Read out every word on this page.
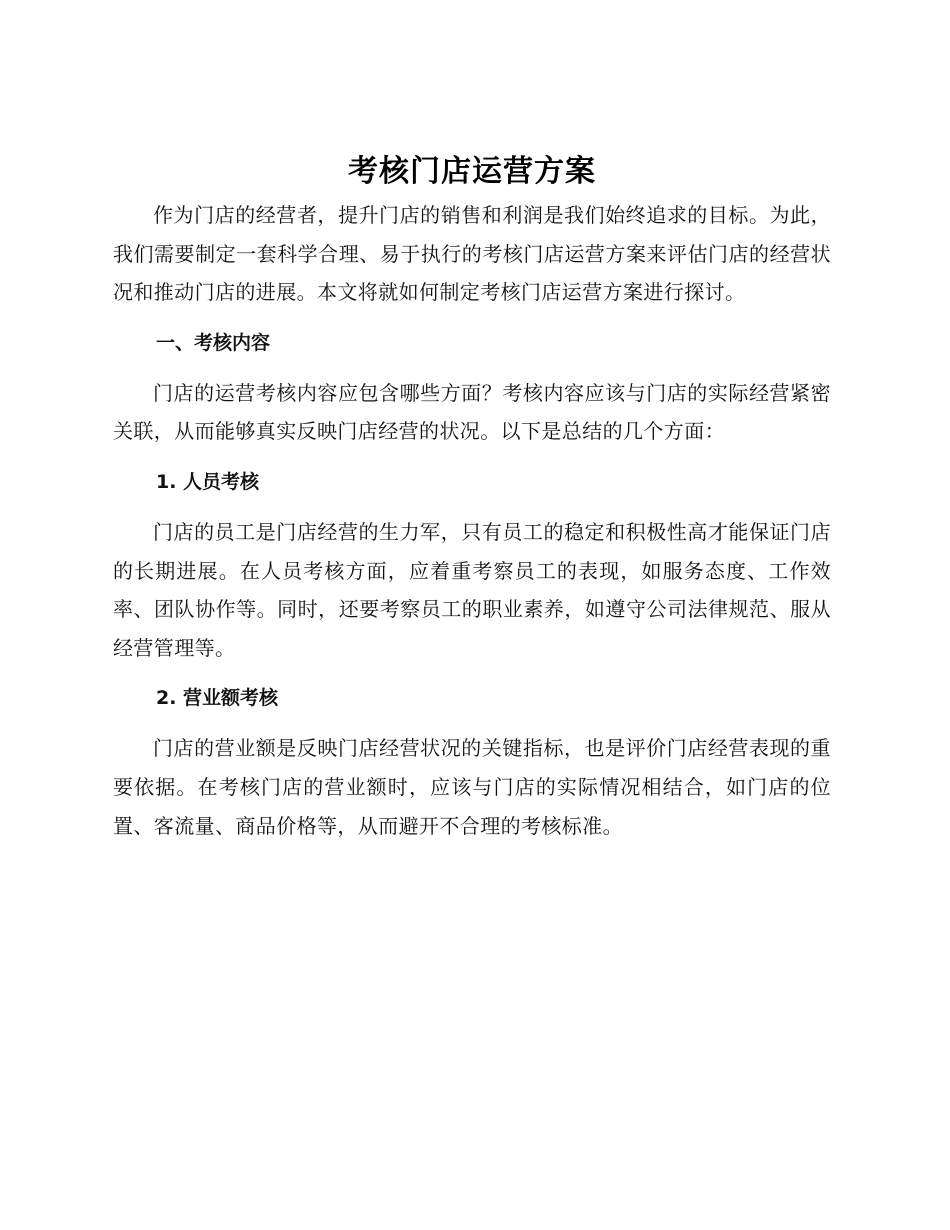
考核门店运营方案

作为门店的经营者，提升门店的销售和利润是我们始终追求的目标。为此，我们需要制定一套科学合理、易于执行的考核门店运营方案来评估门店的经营状况和推动门店的进展。本文将就如何制定考核门店运营方案进行探讨。

一、考核内容

门店的运营考核内容应包含哪些方面？考核内容应该与门店的实际经营紧密关联，从而能够真实反映门店经营的状况。以下是总结的几个方面：

1. 人员考核

门店的员工是门店经营的生力军，只有员工的稳定和积极性高才能保证门店的长期进展。在人员考核方面，应着重考察员工的表现，如服务态度、工作效率、团队协作等。同时，还要考察员工的职业素养，如遵守公司法律规范、服从经营管理等。

2. 营业额考核

门店的营业额是反映门店经营状况的关键指标，也是评价门店经营表现的重要依据。在考核门店的营业额时，应该与门店的实际情况相结合，如门店的位置、客流量、商品价格等，从而避开不合理的考核标准。
